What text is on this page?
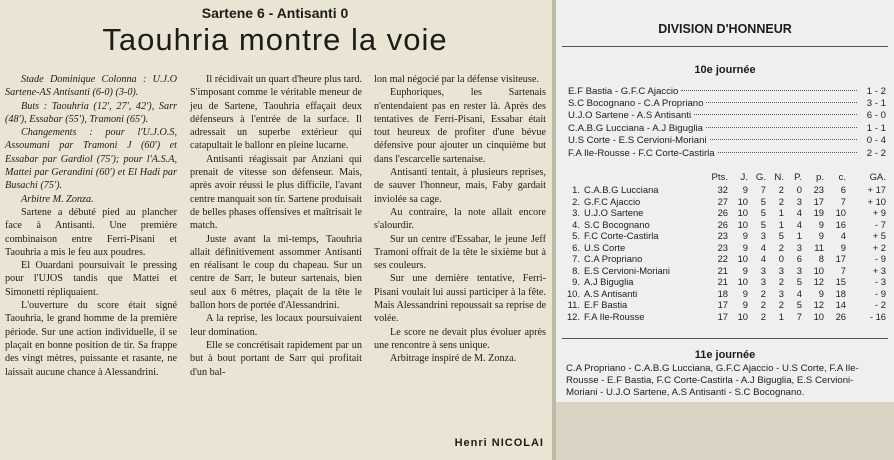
Sartene 6 - Antisanti 0
Taouhria montre la voie

Stade Dominique Colonna : U.J.O Sartene-AS Antisanti (6-0) (3-0).

Buts : Taouhria (12', 27', 42'), Sarr (48'), Essabar (55'), Tramoni (65').

Changements : pour l'U.J.O.S, Assoumani par Tramoni J (60') et Essabar par Gardiol (75'); pour l'A.S.A, Mattei par Gerandini (60') et El Hadi par Busachi (75').

Arbitre M. Zonza.

Sartene a débuté pied au plancher face à Antisanti. Une première combinaison entre Ferri-Pisani et Taouhria a mis le feu aux poudres.

El Ouardani poursuivait le pressing pour l'UJOS tandis que Mattei et Simonetti répliquaient.

L'ouverture du score était signé Taouhria, le grand homme de la première période. Sur une action individuelle, il se plaçait en bonne position de tir. Sa frappe des vingt mètres, puissante et rasante, ne laissait aucune chance à Alessandrini.

Il récidivait un quart d'heure plus tard. S'imposant comme le véritable meneur de jeu de Sartene, Taouhria effaçait deux défenseurs à l'entrée de la surface. Il adressait un superbe extérieur qui catapultait le ballonr en pleine lucarne.

Antisanti réagissait par Anziani qui prenait de vitesse son défenseur. Mais, après avoir réussi le plus difficile, l'avant centre manquait son tir. Sartene produisait de belles phases offensives et maîtrisait le match.

Juste avant la mi-temps, Taouhria allait définitivement assommer Antisanti en réalisant le coup du chapeau. Sur un centre de Sarr, le buteur sartenais, bien seul aux 6 mètres, plaçait de la tête le ballon hors de portée d'Alessandrini.

A la reprise, les locaux poursuivaient leur domination.

Elle se concrétisait rapidement par un but à bout portant de Sarr qui profitait d'un bal-

lon mal négocié par la défense visiteuse.

Euphoriques, les Sartenais n'entendaient pas en rester là. Après des tentatives de Ferri-Pisani, Essabar était tout heureux de profiter d'une bévue défensive pour ajouter un cinquième but dans l'escarcelle sartenaise.

Antisanti tentait, à plusieurs reprises, de sauver l'honneur, mais, Faby gardait inviolée sa cage.

Au contraire, la note allait encore s'alourdir.

Sur un centre d'Essabar, le jeune Jeff Tramoni offrait de la tête le sixième but à ses couleurs.

Sur une dernière tentative, Ferri-Pisani voulait lui aussi participer à la fête. Mais Alessandrini repoussait sa reprise de volée.

Le score ne devait plus évoluer après une rencontre à sens unique.

Arbitrage inspiré de M. Zonza.

Henri NICOLAI
DIVISION D'HONNEUR
10e journée
E.F Bastia - G.F.C Ajaccio	1 - 2
S.C Bocognano - C.A Propriano	3 - 1
U.J.O Sartene - A.S Antisanti	6 - 0
C.A.B.G Lucciana - A.J Biguglia	1 - 1
U.S Corte - E.S Cervioni-Moriani	0 - 4
F.A Ile-Rousse - F.C Corte-Castirla	2 - 2
		Pts.	J.	G.	N.	P.	p.	c.	GA.
1.	C.A.B.G Lucciana	32	9	7	2	0	23	6	+ 17
2.	G.F.C Ajaccio	27	10	5	2	3	17	7	+ 10
3.	U.J.O Sartene	26	10	5	1	4	19	10	+ 9
4.	S.C Bocognano	26	10	5	1	4	9	16	- 7
5.	F.C Corte-Castirla	23	9	3	5	1	9	4	+ 5
6.	U.S Corte	23	9	4	2	3	11	9	+ 2
7.	C.A Propriano	22	10	4	0	6	8	17	- 9
8.	E.S Cervioni-Moriani	21	9	3	3	3	10	7	+ 3
9.	A.J Biguglia	21	10	3	2	5	12	15	- 3
10.	A.S Antisanti	18	9	2	3	4	9	18	- 9
11.	E.F Bastia	17	9	2	2	5	12	14	- 2
12.	F.A Ile-Rousse	17	10	2	1	7	10	26	- 16
11e journée
C.A Propriano - C.A.B.G Lucciana, G.F.C Ajaccio - U.S Corte, F.A Ile-Rousse - E.F Bastia, F.C Corte-Castirla - A.J Biguglia, E.S Cervioni-Moriani - U.J.O Sartene, A.S Antisanti - S.C Bocognano.
